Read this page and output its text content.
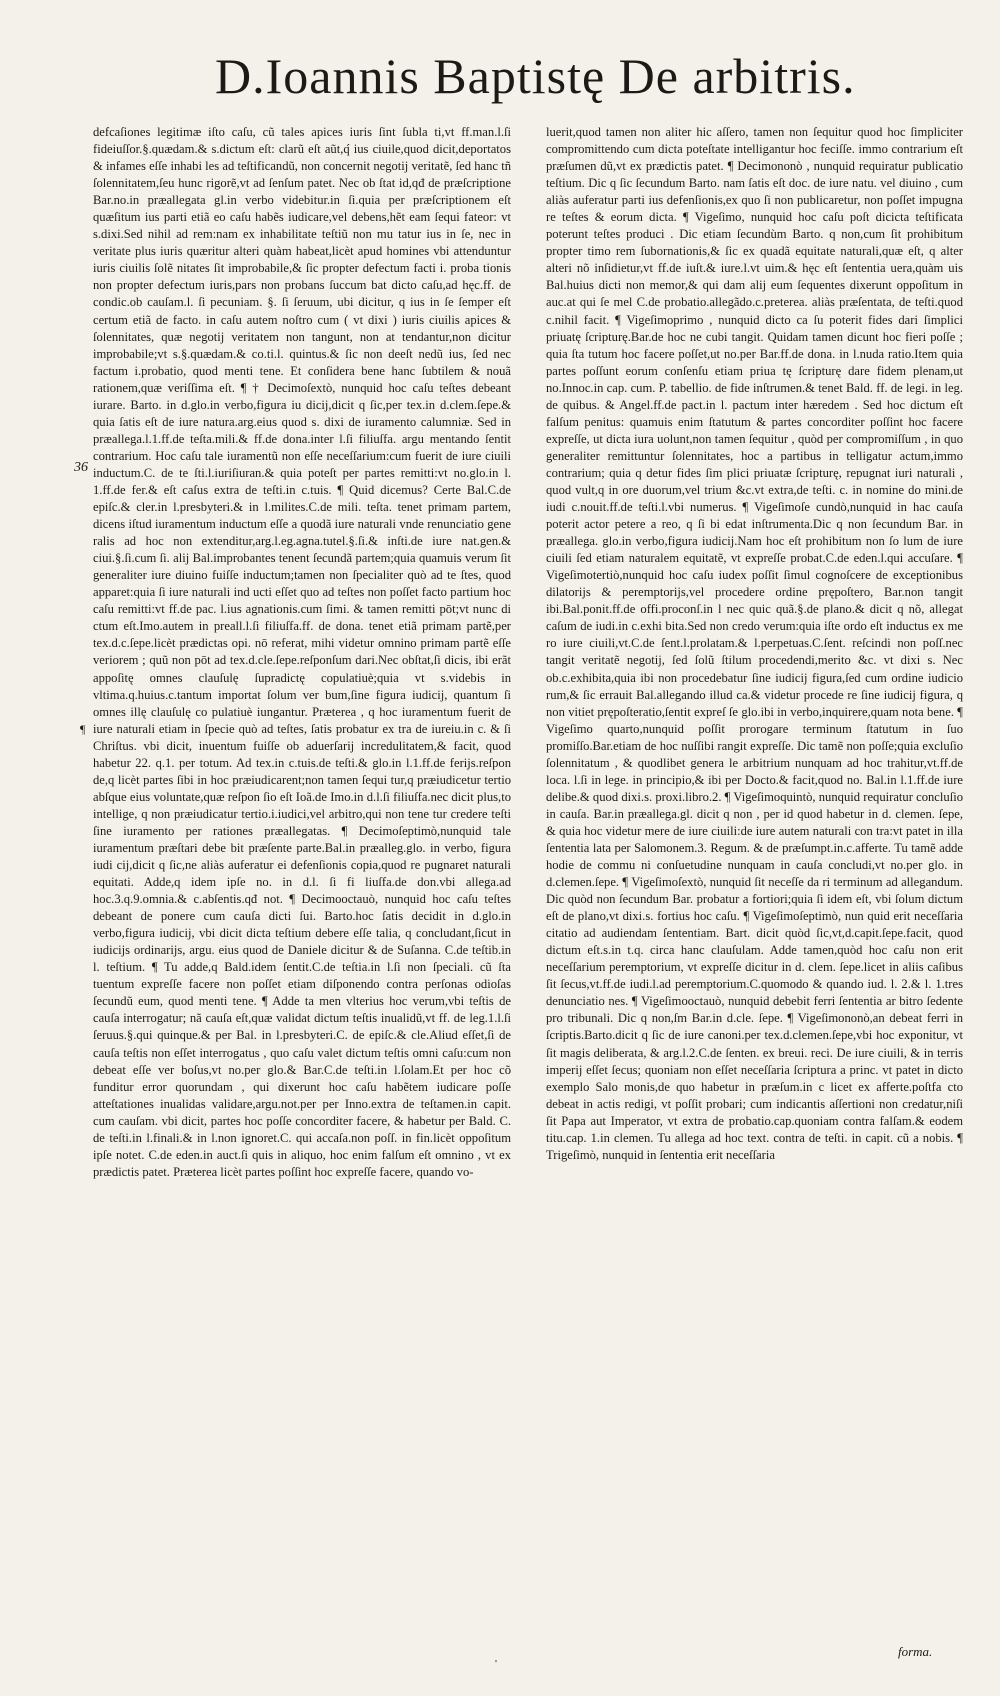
D.Ioannis Baptistę De arbitris.
36
¶

defcaſiones legitimæ iſto caſu, cũ tales apices iuris ſint ſubla ti,vt ff.man.l.ſi fideiuſſor.§.quædam.& s.dictum eſt: clarũ eſt aũt,q́ ius ciuile,quod dicit,deportatos & infames eſſe inhabi les ad teſtificandũ, non concernit negotij veritatẽ, ſed hanc tñ ſolennitatem,ſeu hunc rigorẽ,vt ad ſenſum patet. Nec ob ſtat id,qđ de præſcriptione Bar.no.in præallegata gl.in verbo videbitur.in ſi.quia per præſcriptionem eſt quæſitum ius parti etiã eo caſu habẽs iudicare,vel debens,hẽt eam ſequi fateor: vt s.dixi.Sed nihil ad rem:nam ex inhabilitate teſtiũ non mu tatur ius in ſe, nec in veritate plus iuris quæritur alteri quàm habeat,licèt apud homines vbi attenduntur iuris ciuilis ſolẽ nitates ſit improbabile,& ſic propter defectum facti i. proba tionis non propter defectum iuris,pars non probans ſuccum bat dicto caſu,ad hęc.ff. de condic.ob cauſam.l. ſi pecuniam. §. ſi ſeruum, ubi dicitur, q ius in ſe ſemper eſt certum etiã de facto. in caſu autem noſtro cum ( vt dixi ) iuris ciuilis apices & ſolennitates, quæ negotij veritatem non tangunt, non at tendantur,non dicitur improbabile;vt s.§.quædam.& co.ti.l. quintus.& ſic non deeſt nedũ ius, ſed nec factum i.probatio, quod menti tene. Et conſidera bene hanc ſubtilem & nouã rationem,quæ veriſſima eſt. ¶ † Decimoſextò, nunquid hoc caſu teſtes debeant iurare. Barto. in d.glo.in verbo,figura iu dicij,dicit q ſic,per tex.in d.clem.ſepe.& quia ſatis eſt de iure natura.arg.eius quod s. dixi de iuramento calumniæ. Sed in præallega.l.1.ff.de teſta.mili.& ff.de dona.inter l.ſi filiuſfa. argu mentando ſentit contrarium. Hoc caſu tale iuramentũ non eſſe neceſſarium:cum fuerit de iure ciuili inductum.C. de te ſti.l.iuriſiuran.& quia poteſt per partes remitti:vt no.glo.in l. 1.ff.de fer.& eſt caſus extra de teſti.in c.tuis. ¶ Quid dicemus? Certe Bal.C.de epiſc.& cler.in l.presbyteri.& in l.milites.C.de mili. teſta. tenet primam partem, dicens iſtud iuramentum inductum eſſe a quodã iure naturali vnde renunciatio gene ralis ad hoc non extenditur,arg.l.eg.agna.tutel.§.ſi.& inſti.de iure nat.gen.& ciui.§.ſi.cum ſi. alij Bal.improbantes tenent ſecundã partem;quia quamuis verum ſit generaliter iure diuino fuiſſe inductum;tamen non ſpecialiter quò ad te ſtes, quod apparet:quia ſi iure naturali ind ucti eſſet quo ad teſtes non poſſet facto partium hoc caſu remitti:vt ff.de pac. l.ius agnationis.cum ſimi. & tamen remitti pōt;vt nunc di ctum eſt.Imo.autem in preall.l.ſi filiuſfa.ff. de dona. tenet etiã primam partẽ,per tex.d.c.ſepe.licèt prædictas opi. nō referat, mihi videtur omnino primam partẽ eſſe veriorem ; quũ non pōt ad tex.d.cle.ſepe.reſponſum dari.Nec obſtat,ſi dicis, ibi erãt appoſitę omnes clauſulę ſupradictę copulatiuè;quia vt s.videbis in vltima.q.huius.c.tantum importat ſolum ver bum,ſine figura iudicij, quantum ſi omnes illę clauſulę co pulatiuè iungantur. Præterea , q hoc iuramentum fuerit de iure naturali etiam in ſpecie quò ad teſtes, ſatis probatur ex tra de iureiu.in c. & ſi Chriſtus. vbi dicit, inuentum fuiſſe ob aduerſarij incredulitatem,& facit, quod habetur 22. q.1. per totum. Ad tex.in c.tuis.de teſti.& glo.in l.1.ff.de ferijs.reſpon de,q licèt partes ſibi in hoc præiudicarent;non tamen ſequi tur,q præiudicetur tertio abſque eius voluntate,quæ reſpon ſio eſt Ioã.de Imo.in d.l.ſi filiuſfa.nec dicit plus,to intellige, q non præiudicatur tertio.i.iudici,vel arbitro,qui non tene tur credere teſti ſine iuramento per rationes præallegatas. ¶ Decimoſeptimò,nunquid tale iuramentum præſtari debe bit præſente parte.Bal.in præalleg.glo. in verbo, figura iudi cij,dicit q ſic,ne aliàs auferatur ei defenſionis copia,quod re pugnaret naturali equitati. Adde,q idem ipſe no. in d.l. ſi fi liuſfa.de don.vbi allega.ad hoc.3.q.9.omnia.& c.abſentis.qđ not. ¶ Decimooctauò, nunquid hoc caſu teſtes debeant de ponere cum cauſa dicti ſui. Barto.hoc ſatis decidit in d.glo.in verbo,figura iudicij, vbi dicit dicta teſtium debere eſſe talia, q concludant,ſicut in iudicijs ordinarijs, argu. eius quod de Daniele dicitur & de Suſanna. C.de teſtib.in l. teſtium. ¶ Tu adde,q Bald.idem ſentit.C.de teſtia.in l.ſi non ſpeciali. cũ ſta tuentum expreſſe facere non poſſet etiam diſponendo contra perſonas odioſas ſecundũ eum, quod menti tene. ¶ Adde ta men vlterius hoc verum,vbi teſtis de cauſa interrogatur; nã cauſa eſt,quæ validat dictum teſtis inualidũ,vt ff. de leg.1.l.ſi ſeruus.§.qui quinque.& per Bal. in l.presbyteri.C. de epiſc.& cle.Aliud eſſet,ſi de cauſa teſtis non eſſet interrogatus , quo caſu valet dictum teſtis omni caſu:cum non debeat eſſe ver boſus,vt no.per glo.& Bar.C.de teſti.in l.ſolam.Et per hoc cõ funditur error quorundam , qui dixerunt hoc caſu habẽtem iudicare poſſe atteſtationes inualidas validare,argu.not.per per Inno.extra de teſtamen.in capit. cum cauſam. vbi dicit, partes hoc poſſe concorditer facere, & habetur per Bald. C. de teſti.in l.finali.& in l.non ignoret.C. qui accaſa.non poſſ. in fin.licèt oppoſitum ipſe notet. C.de eden.in auct.ſi quis in aliquo, hoc enim falſum eſt omnino , vt ex prædictis patet. Præterea licèt partes poſſint hoc expreſſe facere, quando vo-

luerit,quod tamen non aliter hic aſſero, tamen non ſequitur quod hoc ſimpliciter compromittendo cum dicta poteſtate intelligantur hoc feciſſe. immo contrarium eſt præſumen dũ,vt ex prædictis patet. ¶ Decimononò , nunquid requiratur publicatio teſtium. Dic q ſic ſecundum Barto. nam ſatis eſt doc. de iure natu. vel diuino , cum aliàs auferatur parti ius defenſionis,ex quo ſi non publicaretur, non poſſet impugna re teſtes & eorum dicta. ¶ Vigeſimo, nunquid hoc caſu poſt dicicta teſtificata poterunt teſtes produci . Dic etiam ſecundùm Barto. q non,cum ſit prohibitum propter timo rem ſubornationis,& ſic ex quadã equitate naturali,quæ eſt, q alter alteri nõ inſidietur,vt ff.de iuſt.& iure.l.vt uim.& hęc eſt ſententia uera,quàm uis Bal.huius dicti non memor,& qui dam alij eum ſequentes dixerunt oppoſitum in auc.at qui ſe mel C.de probatio.allegãdo.c.preterea. aliàs præſentata, de teſti.quod c.nihil facit. ¶ Vigeſimoprimo , nunquid dicto ca ſu poterit fides dari ſimplici priuatę ſcripturę.Bar.de hoc ne cubi tangit. Quidam tamen dicunt hoc fieri poſſe ; quia ſta tutum hoc facere poſſet,ut no.per Bar.ff.de dona. in l.nuda ratio.Item quia partes poſſunt eorum conſenſu etiam priua tę ſcripturę dare fidem plenam,ut no.Innoc.in cap. cum. P. tabellio. de fide inſtrumen.& tenet Bald. ff. de legi. in leg. de quibus. & Angel.ff.de pact.in l. pactum inter hæredem . Sed hoc dictum eſt falſum penitus: quamuis enim ſtatutum & partes concorditer poſſint hoc facere expreſſe, ut dicta iura uolunt,non tamen ſequitur , quòd per compromiſſum , in quo generaliter remittuntur ſolennitates, hoc a partibus in telligatur actum,immo contrarium; quia q detur fides ſim plici priuatæ ſcripturę, repugnat iuri naturali , quod vult,q in ore duorum,vel trium &c.vt extra,de teſti. c. in nomine do mini.de iudi c.nouit.ff.de teſti.l.vbi numerus. ¶ Vigeſimoſe cundò,nunquid in hac cauſa poterit actor petere a reo, q ſi bi edat inſtrumenta.Dic q non ſecundum Bar. in præallega. glo.in verbo,figura iudicij.Nam hoc eſt prohibitum non ſo lum de iure ciuili ſed etiam naturalem equitatẽ, vt expreſſe probat.C.de eden.l.qui accuſare. ¶ Vigeſimotertiò,nunquid hoc caſu iudex poſſit ſimul cognoſcere de exceptionibus dilatorijs & peremptorijs,vel procedere ordine prępoſtero, Bar.non tangit ibi.Bal.ponit.ff.de offi.proconſ.in l nec quic quã.§.de plano.& dicit q nõ, allegat caſum de iudi.in c.exhi bita.Sed non credo verum:quia iſte ordo eſt inductus ex me ro iure ciuili,vt.C.de ſent.l.prolatam.& l.perpetuas.C.ſent. reſcindi non poſſ.nec tangit veritatẽ negotij, ſed ſolũ ſtilum procedendi,merito &c. vt dixi s. Nec ob.c.exhibita,quia ibi non procedebatur ſine iudicij figura,ſed cum ordine iudicio rum,& ſic errauit Bal.allegando illud ca.& videtur procede re ſine iudicij figura, q non vitiet prępoſteratio,ſentit expreſ ſe glo.ibi in verbo,inquirere,quam nota bene. ¶ Vigeſimo quarto,nunquid poſſit prorogare terminum ſtatutum in ſuo promiſſo.Bar.etiam de hoc nuſſibi rangit expreſſe. Dic tamẽ non poſſe;quia excluſio ſolennitatum , & quodlibet genera le arbitrium nunquam ad hoc trahitur,vt.ff.de loca. l.ſi in lege. in principio,& ibi per Docto.& facit,quod no. Bal.in l.1.ff.de iure delibe.& quod dixi.s. proxi.libro.2. ¶ Vigeſimoquintò, nunquid requiratur concluſio in cauſa. Bar.in præallega.gl. dicit q non , per id quod habetur in d. clemen. ſepe, & quia hoc videtur mere de iure ciuili:de iure autem naturali con tra:vt patet in illa ſententia lata per Salomonem.3. Regum. & de præſumpt.in.c.afferte. Tu tamẽ adde hodie de commu ni conſuetudine nunquam in cauſa concludi,vt no.per glo. in d.clemen.ſepe. ¶ Vigeſimoſextò, nunquid ſit neceſſe da ri terminum ad allegandum. Dic quòd non ſecundum Bar. probatur a fortiori;quia ſi idem eſt, vbi ſolum dictum eſt de plano,vt dixi.s. fortius hoc caſu. ¶ Vigeſimoſeptimò, nun quid erit neceſſaria citatio ad audiendam ſententiam. Bart. dicit quòd ſic,vt,d.capit.ſepe.facit, quod dictum eſt.s.in t.q. circa hanc clauſulam. Adde tamen,quòd hoc caſu non erit neceſſarium peremptorium, vt expreſſe dicitur in d. clem. ſepe.licet in aliis caſibus ſit ſecus,vt.ff.de iudi.l.ad peremptorium.C.quomodo & quando iud. l. 2.& l. 1.tres denunciatio nes. ¶ Vigeſimooctauò, nunquid debebit ferri ſententia ar bitro ſedente pro tribunali. Dic q non,ſm Bar.in d.cle. ſepe. ¶ Vigeſimononò,an debeat ferri in ſcriptis.Barto.dicit q ſic de iure canoni.per tex.d.clemen.ſepe,vbi hoc exponitur, vt ſit magis deliberata, & arg.l.2.C.de ſenten. ex breui. reci. De iure ciuili, & in terris imperij eſſet ſecus; quoniam non eſſet neceſſaria ſcriptura a princ. vt patet in dicto exemplo Salo monis,de quo habetur in præſum.in c licet ex afferte.poſtfa cto debeat in actis redigi, vt poſſit probari; cum indicantis aſſertioni non credatur,niſi ſit Papa aut Imperator, vt extra de probatio.cap.quoniam contra falſam.& eodem titu.cap. 1.in clemen. Tu allega ad hoc text. contra de teſti. in capit. cũ a nobis. ¶ Trigeſimò, nunquid in ſententia erit neceſſaria

forma.
'
